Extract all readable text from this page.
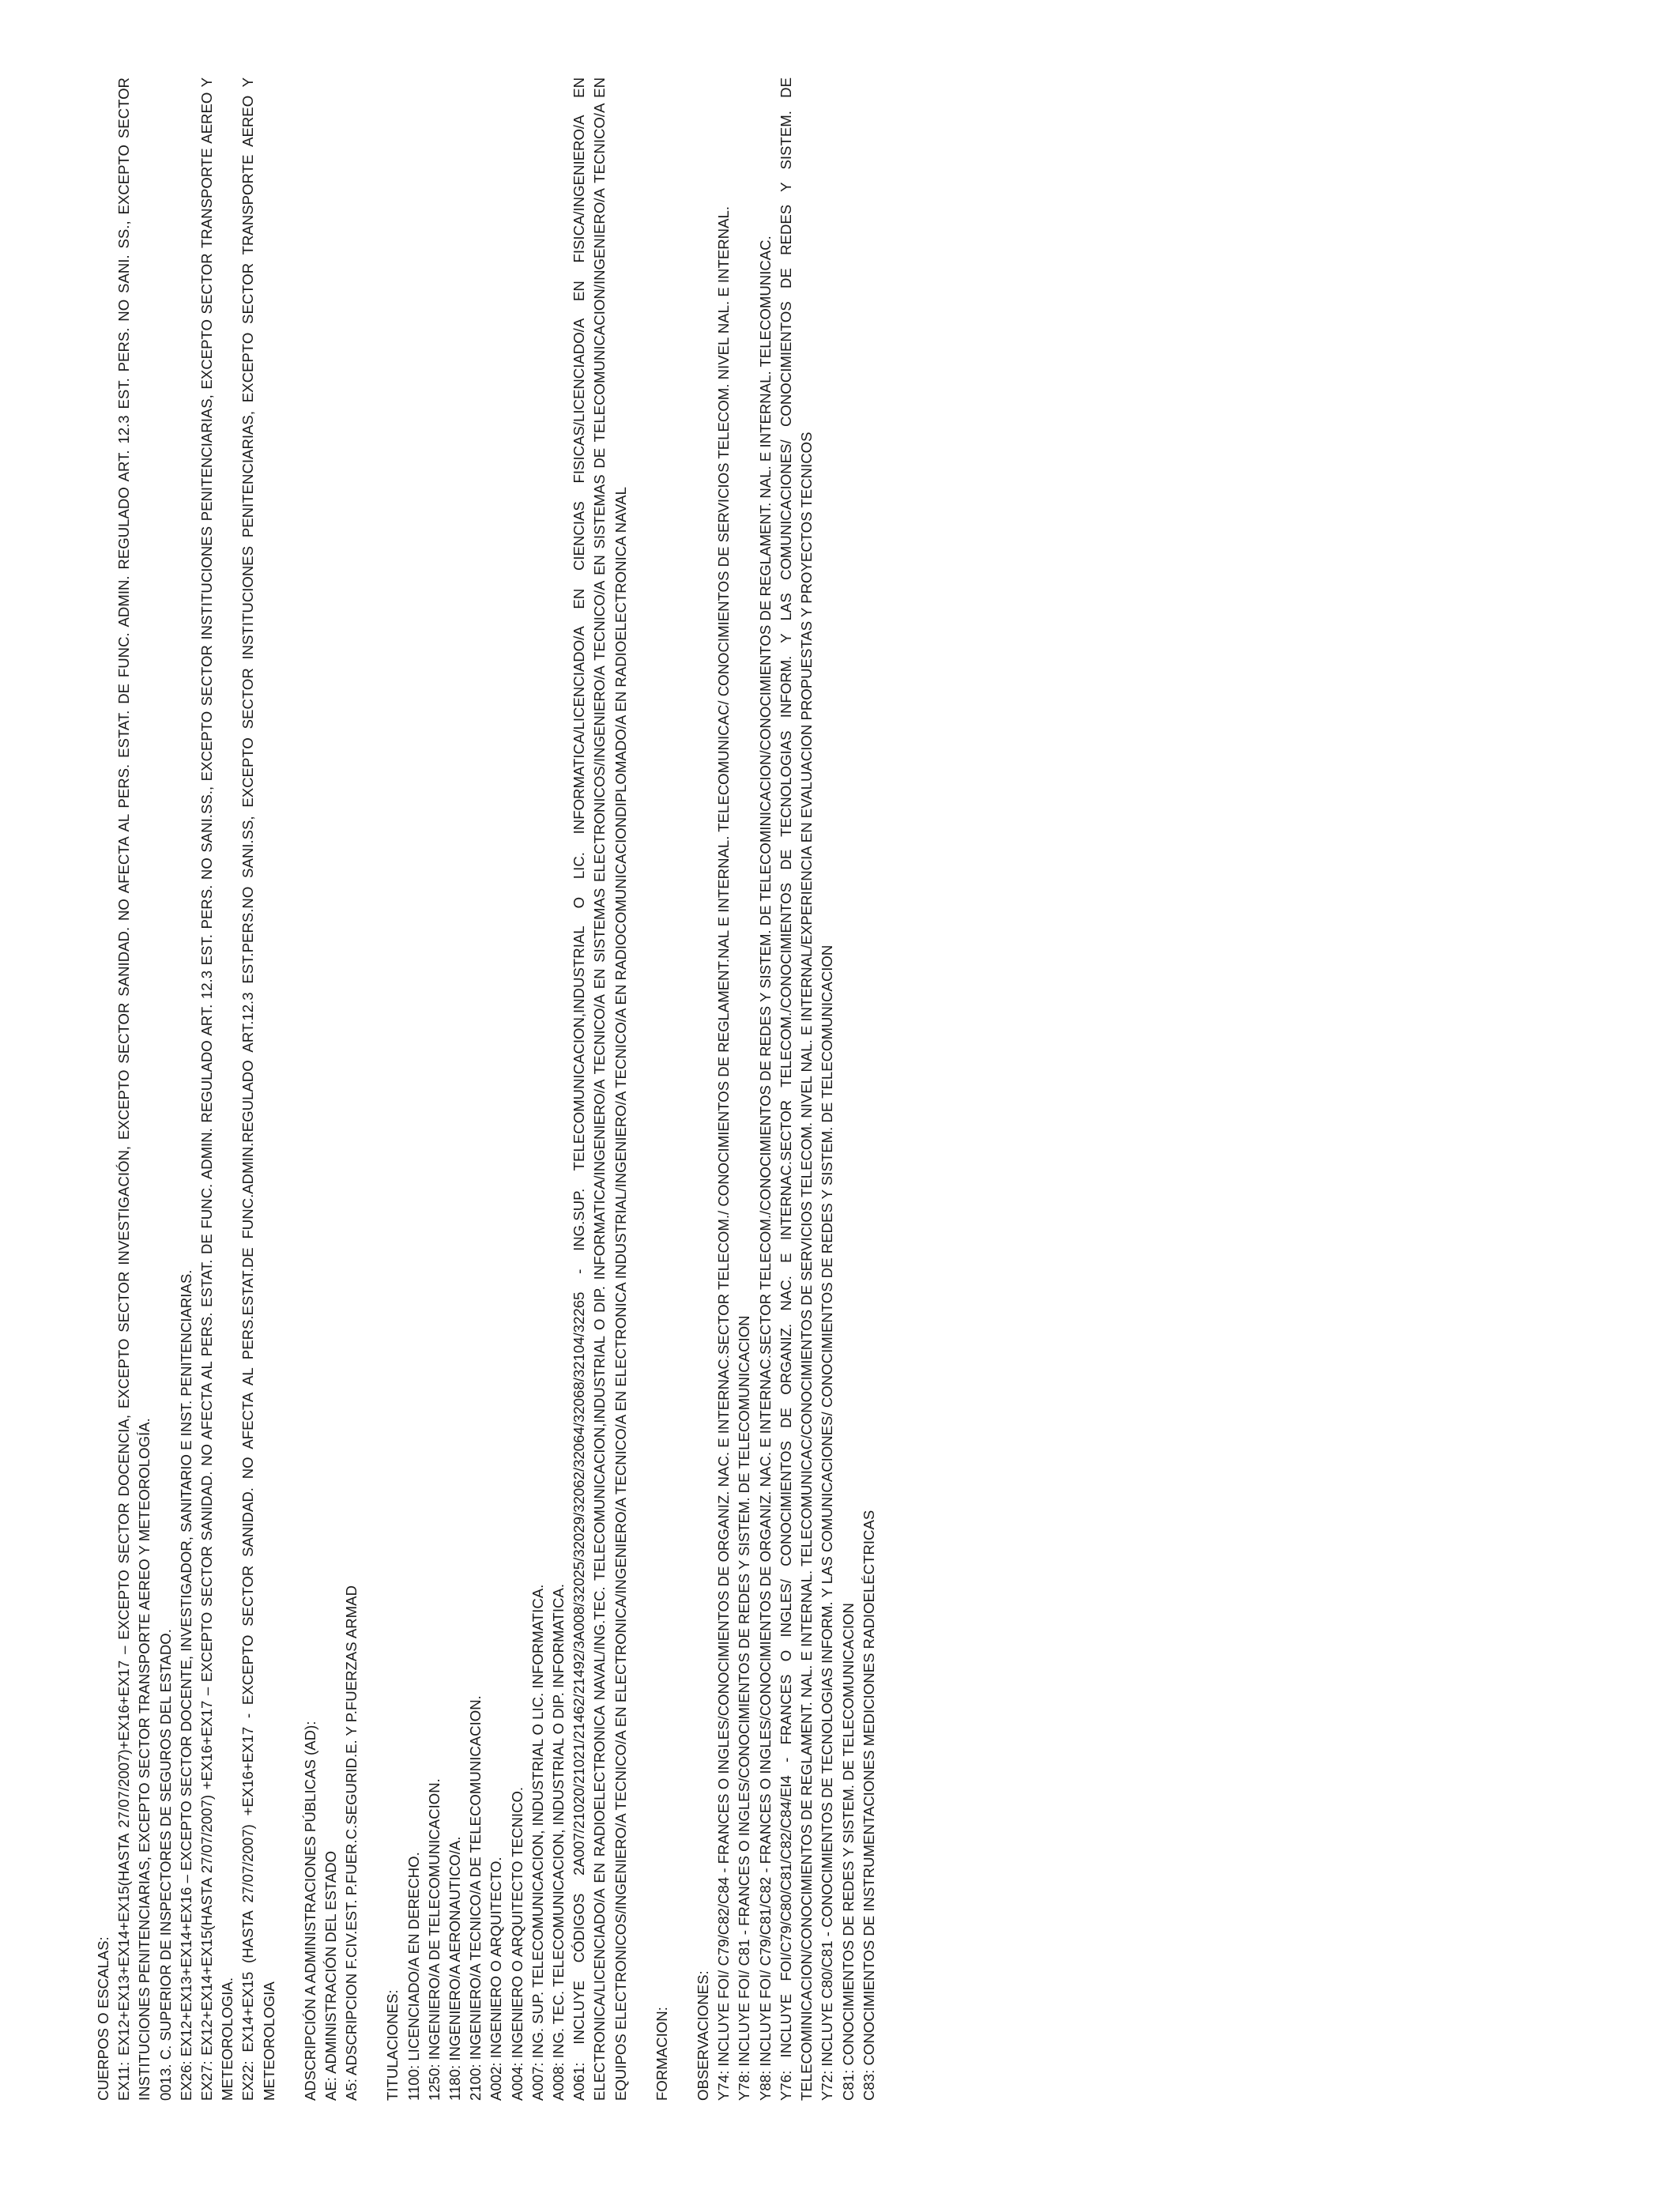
CUERPOS O ESCALAS: EX11: EX12+EX13+EX14+EX15(HASTA 27/07/2007)+EX16+EX17 – EXCEPTO SECTOR DOCENCIA, EXCEPTO SECTOR INVESTIGACIÓN, EXCEPTO SECTOR SANIDAD. NO AFECTA AL PERS. ESTAT. DE FUNC. ADMIN. REGULADO ART. 12.3 EST. PERS. NO SANI. SS., EXCEPTO SECTOR INSTITUCIONES PENITENCIARIAS, EXCEPTO SECTOR TRANSPORTE AEREO Y METEOROLOGÍA. 0013. C. SUPERIOR DE INSPECTORES DE SEGUROS DEL ESTADO. EX26: EX12+EX13+EX14+EX16 – EXCEPTO SECTOR DOCENTE, INVESTIGADOR, SANITARIO E INST. PENITENCIARIAS. EX27: EX12+EX14+EX15(HASTA 27/07/2007) +EX16+EX17 – EXCEPTO SECTOR SANIDAD. NO AFECTA AL PERS. ESTAT. DE FUNC. ADMIN. REGULADO ART. 12.3 EST. PERS. NO SANI.SS., EXCEPTO SECTOR INSTITUCIONES PENITENCIARIAS, EXCEPTO SECTOR TRANSPORTE AEREO Y METEOROLOGIA. EX22: EX14+EX15 (HASTA 27/07/2007) +EX16+EX17 - EXCEPTO SECTOR SANIDAD. NO AFECTA AL PERS.ESTAT.DE FUNC.ADMIN.REGULADO ART.12.3 EST.PERS.NO SANI.SS, EXCEPTO SECTOR INSTITUCIONES PENITENCIARIAS, EXCEPTO SECTOR TRANSPORTE AEREO Y METEOROLOGIA ADSCRIPCIÓN A ADMINISTRACIONES PÚBLICAS (AD): AE: ADMINISTRACIÓN DEL ESTADO A5: ADSCRIPCION F.CIV.EST. P.FUER.C.SEGURID.E. Y P.FUERZAS ARMAD TITULACIONES: 1100: LICENCIADO/A EN DERECHO. 1250: INGENIERO/A DE TELECOMUNICACION. 1180: INGENIERO/A AERONAUTICO/A. 2100: INGENIERO/A TECNICO/A DE TELECOMUNICACION. A002: INGENIERO O ARQUITECTO. A004: INGENIERO O ARQUITECTO TECNICO. A007: ING. SUP. TELECOMUNICACION, INDUSTRIAL O LIC. INFORMATICA. A008: ING. TEC. TELECOMUNICACION, INDUSTRIAL O DIP. INFORMATICA. A061: INCLUYE CÓDIGOS 2A007/21020/21021/21462/21492/3A008/32025/32029/32062/32064/32068/32104/32265 - ING.SUP. TELECOMUNICACION,INDUSTRIAL O LIC. INFORMATICA/LICENCIADO/A EN CIENCIAS FISICAS/LICENCIADO/A EN FISICA/INGENIERO/A EN ELECTRONICA/LICENCIADO/A EN RADIOELECTRONICA NAVAL/ING.TEC. TELECOMUNICACION,INDUSTRIAL O DIP. INFORMATICA/INGENIERO/A TECNICO/A EN SISTEMAS ELECTRONICOS/INGENIERO/A TECNICO/A EN SISTEMAS DE TELECOMUNICACION/INGENIERO/A TECNICO/A EN EQUIPOS ELECTRONICOS/INGENIERO/A TECNICO/A EN ELECTRONICA/INGENIERO/A TECNICO/A EN ELECTRONICA INDUSTRIAL/INGENIERO/A TECNICO/A EN RADIOCOMUNICACIONDIPLOMADO/A EN RADIOELECTRONICA NAVAL FORMACION: OBSERVACIONES: Y74: INCLUYE FOI/ C79/C82/C84 - FRANCES O INGLES/CONOCIMIENTOS DE ORGANIZ. NAC. E INTERNAC.SECTOR TELECOM./ CONOCIMIENTOS DE REGLAMENT.NAL E INTERNAL. TELECOMUNICAC/ CONOCIMIENTOS DE SERVICIOS TELECOM. NIVEL NAL. E INTERNAL. Y78: INCLUYE FOI/ C81 - FRANCES O INGLES/CONOCIMIENTOS DE REDES Y SISTEM. DE TELECOMUNICACION Y88: INCLUYE FOI/ C79/C81/C82 - FRANCES O INGLES/CONOCIMIENTOS DE ORGANIZ. NAC. E INTERNAC.SECTOR TELECOM./CONOCIMIENTOS DE REDES Y SISTEM. DE TELECOMINICACION/CONOCIMIENTOS DE REGLAMENT. NAL. E INTERNAL. TELECOMUNICAC. Y76: INCLUYE FOI/C79/C80/C81/C82/C84/EI4 - FRANCES O INGLES/ CONOCIMIENTOS DE ORGANIZ. NAC. E INTERNAC.SECTOR TELECOM./CONOCIMIENTOS DE TECNOLOGIAS INFORM. Y LAS COMUNICACIONES/ CONOCIMIENTOS DE REDES Y SISTEM. DE TELECOMINICACION/CONOCIMIENTOS DE REGLAMENT. NAL. E INTERNAL. TELECOMUNICAC/CONOCIMIENTOS DE SERVICIOS TELECOM. NIVEL NAL. E INTERNAL/EXPERIENCIA EN EVALUACION PROPUESTAS Y PROYECTOS TECNICOS Y72: INCLUYE C80/C81 - CONOCIMIENTOS DE TECNOLOGIAS INFORM. Y LAS COMUNICACIONES/ CONOCIMIENTOS DE REDES Y SISTEM. DE TELECOMUNICACION C81: CONOCIMIENTOS DE REDES Y SISTEM. DE TELECOMUNICACION C83: CONOCIMIENTOS DE INSTRUMENTACIONES MEDICIONES RADIOELÉCTRICAS
